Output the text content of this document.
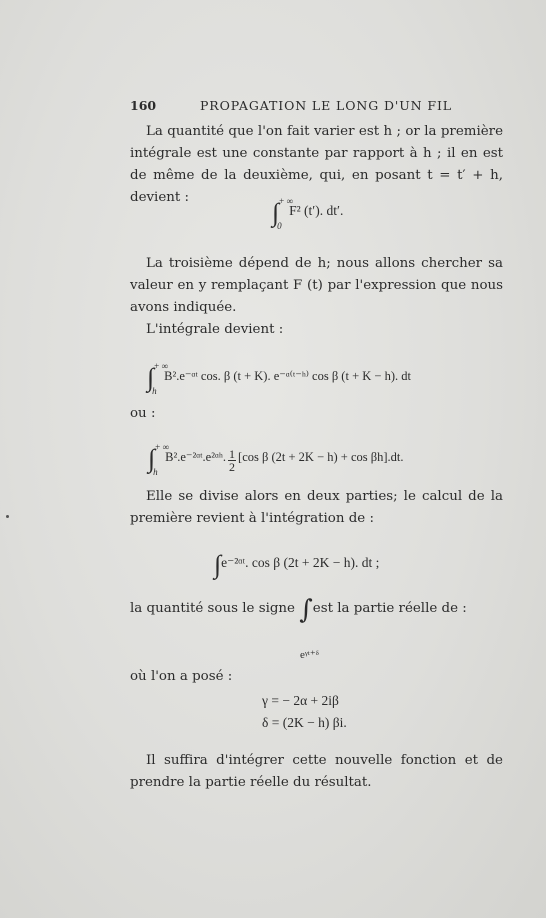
160	PROPAGATION LE LONG D'UN FIL
La quantité que l'on fait varier est h ; or la première intégrale est une constante par rapport à h ; il en est de même de la deuxième, qui, en posant t = t′ + h, devient :
∫ + ∞
0
F² (t′). dt′.
La troisième dépend de h; nous allons chercher sa valeur en y remplaçant F (t) par l'expression que nous avons indiquée.
L'intégrale devient :
∫ + ∞
h
B².e⁻ᵅᵗ cos. β (t + K). e⁻ᵅ⁽ᵗ⁻ʰ⁾ cos β (t + K − h). dt
ou :
∫ + ∞
h
B².e⁻²ᵅᵗ.e²ᵅʰ. $\frac{1}{2} [\cos$ β (2t + 2K − h) + cos βh].dt.
Elle se divise alors en deux parties; le calcul de la première revient à l'intégration de :
∫e⁻²ᵅᵗ. cos β (2t + 2K − h). dt ;
la quantité sous le signe ∫est la partie réelle de :
eᵞᵗ⁺ᵟ
où l'on a posé :
γ = − 2α + 2iβ
δ = (2K − h) βi.
Il suffira d'intégrer cette nouvelle fonction et de prendre la partie réelle du résultat.
